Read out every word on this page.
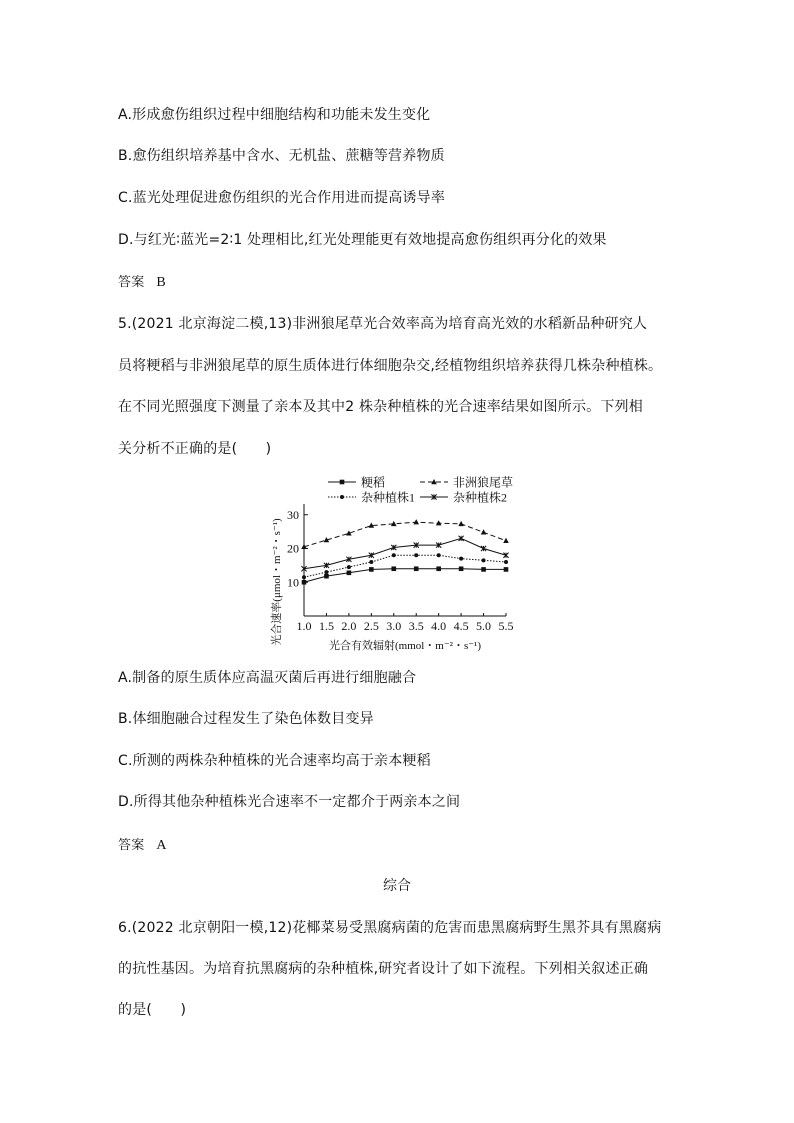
A.形成愈伤组织过程中细胞结构和功能未发生变化
B.愈伤组织培养基中含水、无机盐、蔗糖等营养物质
C.蓝光处理促进愈伤组织的光合作用进而提高诱导率
D.与红光∶蓝光=2∶1 处理相比,红光处理能更有效地提高愈伤组织再分化的效果
答案 B
5.(2021 北京海淀二模,13)非洲狼尾草光合效率高为培育高光效的水稻新品种研究人
员将粳稻与非洲狼尾草的原生质体进行体细胞杂交,经植物组织培养获得几株杂种植株。
在不同光照强度下测量了亲本及其中2 株杂种植株的光合速率结果如图所示。下列相
关分析不正确的是(　　)
粳稻	非洲狼尾草
杂种植株1	杂种植株2
10
20
30
1.0 1.5 2.0 2.5 3.0 3.5 4.0 4.5 5.0 5.5
光合速率(μmol・m⁻²・s⁻¹)
光合有效辐射(mmol・m⁻²・s⁻¹)
A.制备的原生质体应高温灭菌后再进行细胞融合
B.体细胞融合过程发生了染色体数目变异
C.所测的两株杂种植株的光合速率均高于亲本粳稻
D.所得其他杂种植株光合速率不一定都介于两亲本之间
答案 A
综合
6.(2022 北京朝阳一模,12)花椰菜易受黑腐病菌的危害而患黑腐病野生黑芥具有黑腐病
的抗性基因。为培育抗黑腐病的杂种植株,研究者设计了如下流程。下列相关叙述正确
的是(　　)
